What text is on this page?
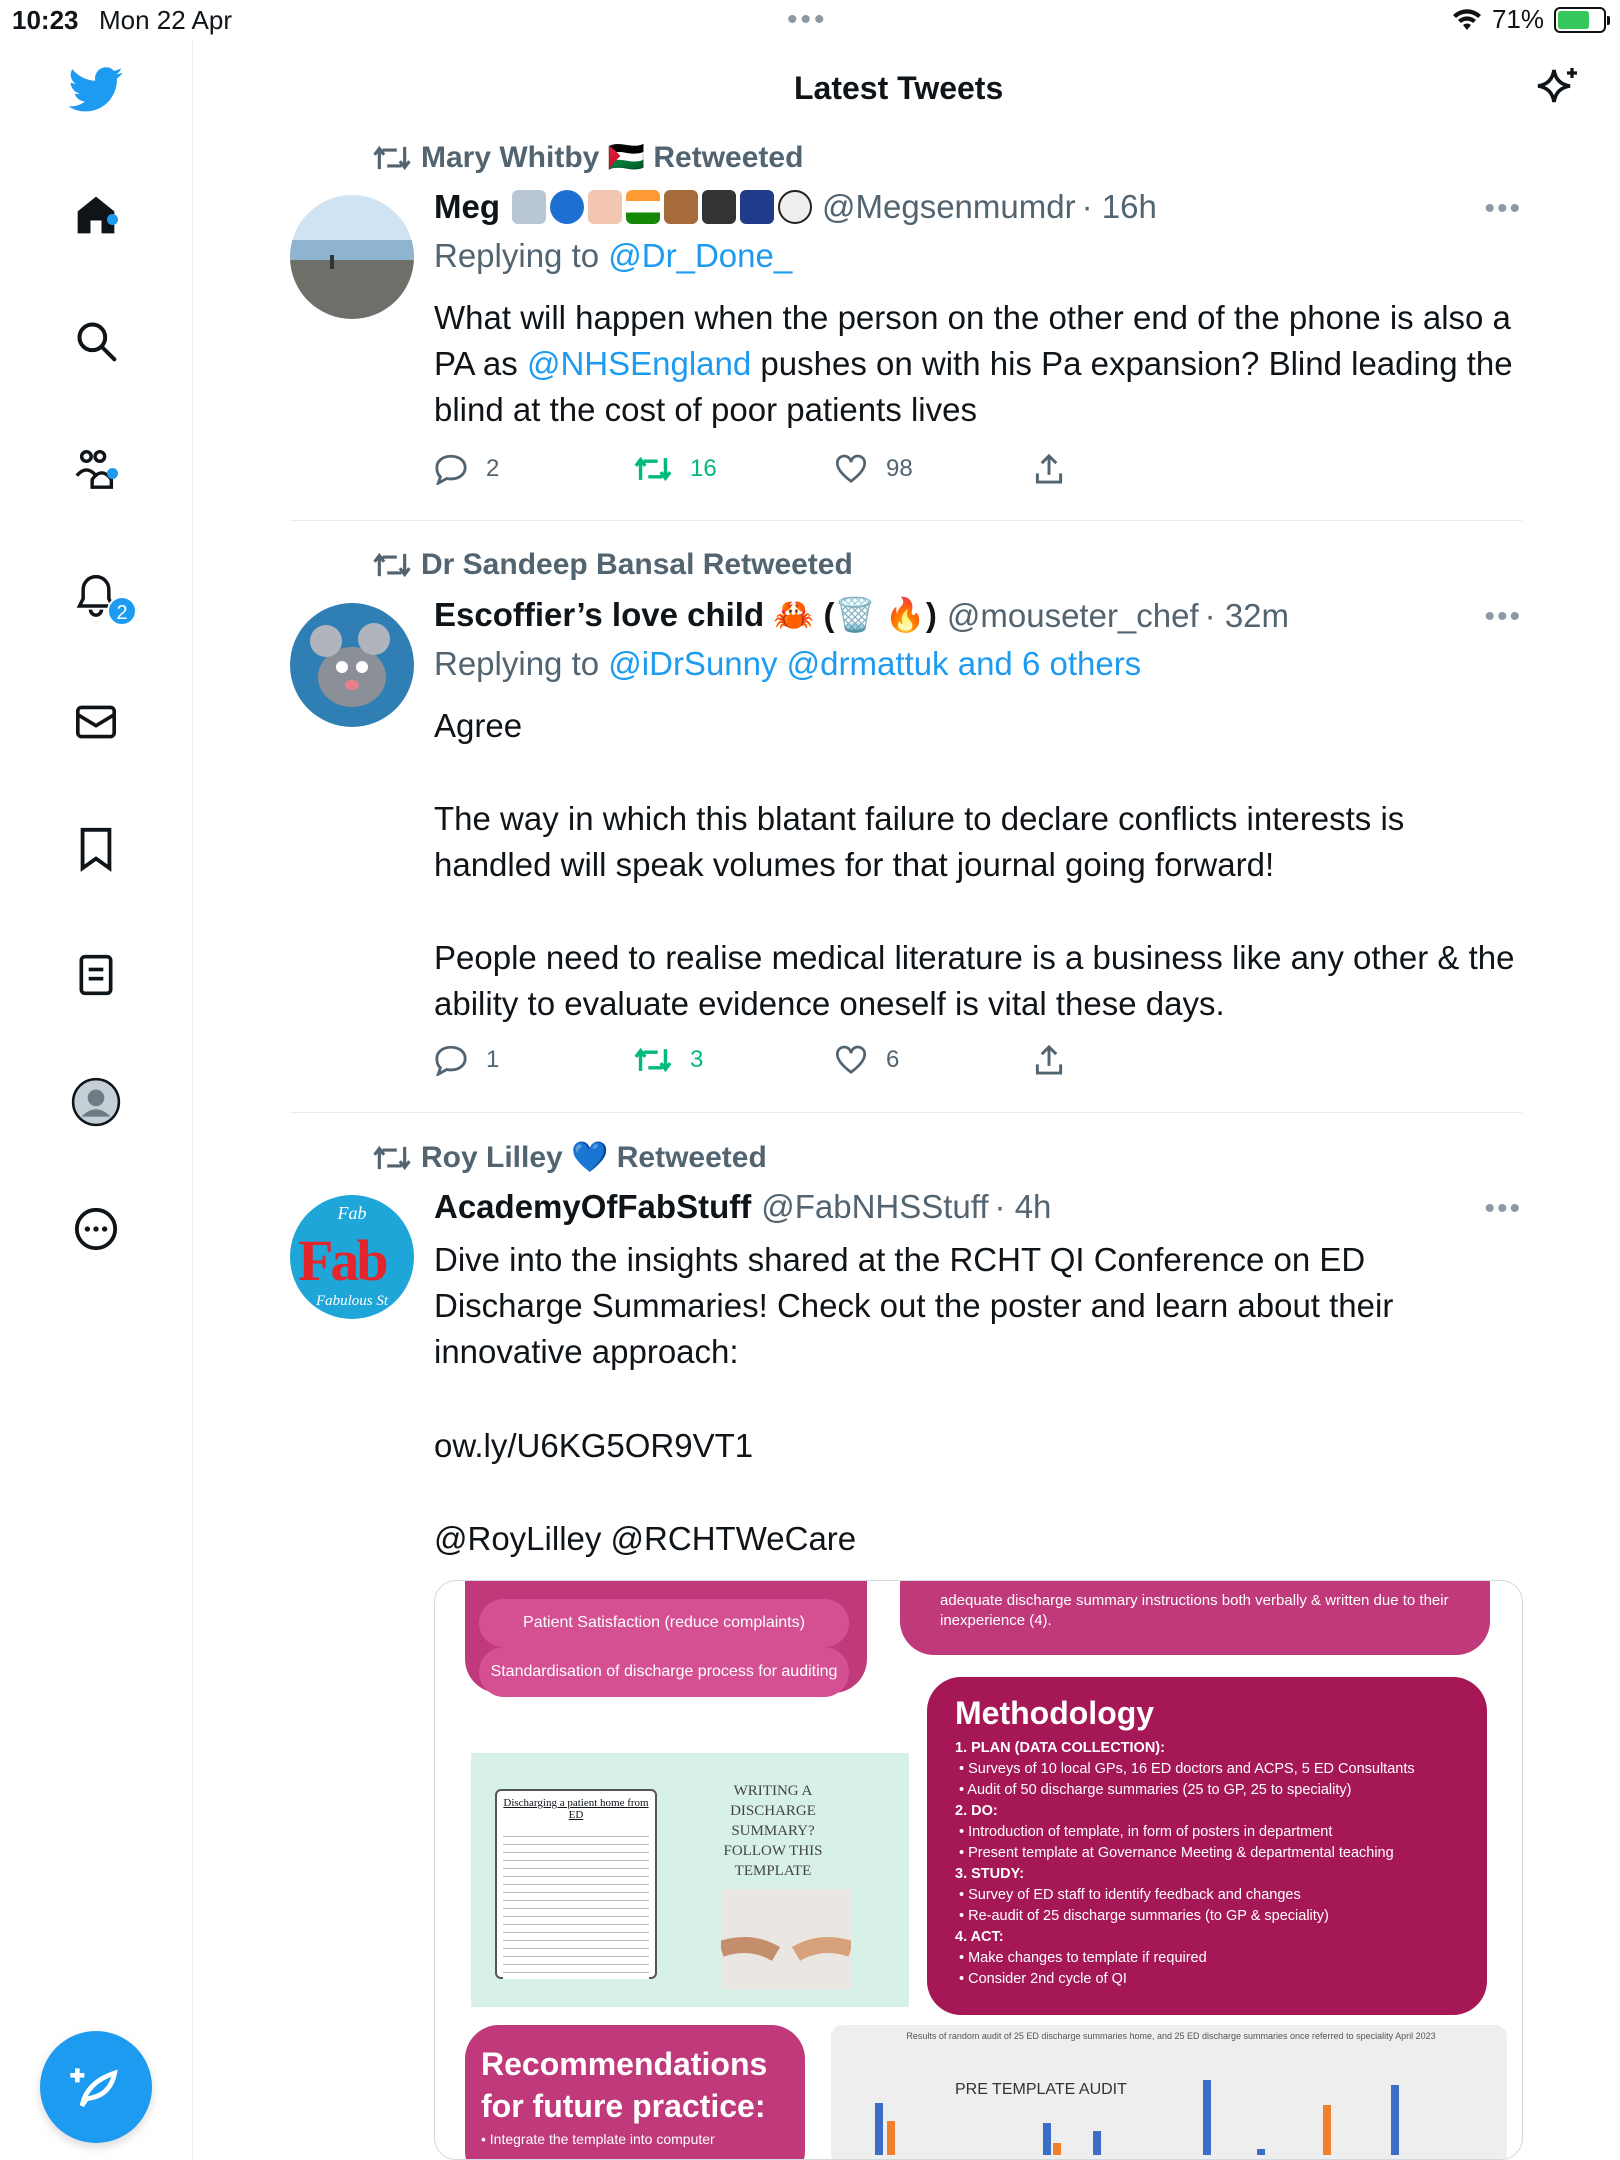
10:23 Mon 22 Apr	•••	71%
2
Latest Tweets
Mary Whitby 🇵🇸 Retweeted
Meg	@Megsenmumdr · 16h	•••
Replying to @Dr_Done_
What will happen when the person on the other end of the phone is also a PA as @NHSEngland pushes on with his Pa expansion? Blind leading the blind at the cost of poor patients lives
2	16	98
Dr Sandeep Bansal Retweeted
Escoffier’s love child 🦀 (🗑️ 🔥) @mouseter_chef · 32m	•••
Replying to @iDrSunny @drmattuk and 6 others
Agree
The way in which this blatant failure to declare conflicts interests is handled will speak volumes for that journal going forward!
People need to realise medical literature is a business like any other & the ability to evaluate evidence oneself is vital these days.
1	3	6
Roy Lilley 💙 Retweeted
Fab
Fab
Fabulous St
AcademyOfFabStuff @FabNHSStuff · 4h	•••
Dive into the insights shared at the RCHT QI Conference on ED Discharge Summaries! Check out the poster and learn about their innovative approach:
ow.ly/U6KG5OR9VT1
@RoyLilley @RCHTWeCare
Patient Satisfaction (reduce complaints)
Standardisation of discharge process for auditing
adequate discharge summary instructions both verbally & written due to their inexperience (4).
Methodology
1. PLAN (DATA COLLECTION):
• Surveys of 10 local GPs, 16 ED doctors and ACPS, 5 ED Consultants
• Audit of 50 discharge summaries (25 to GP, 25 to speciality)
2. DO:
• Introduction of template, in form of posters in department
• Present template at Governance Meeting & departmental teaching
3. STUDY:
• Survey of ED staff to identify feedback and changes
• Re-audit of 25 discharge summaries (to GP & speciality)
4. ACT:
• Make changes to template if required
• Consider 2nd cycle of QI
Discharging a patient home from ED
WRITING A DISCHARGE SUMMARY? FOLLOW THIS TEMPLATE
Recommendations for future practice:
• Integrate the template into computer
Results of random audit of 25 ED discharge summaries home, and 25 ED discharge summaries once referred to speciality April 2023
PRE TEMPLATE AUDIT
